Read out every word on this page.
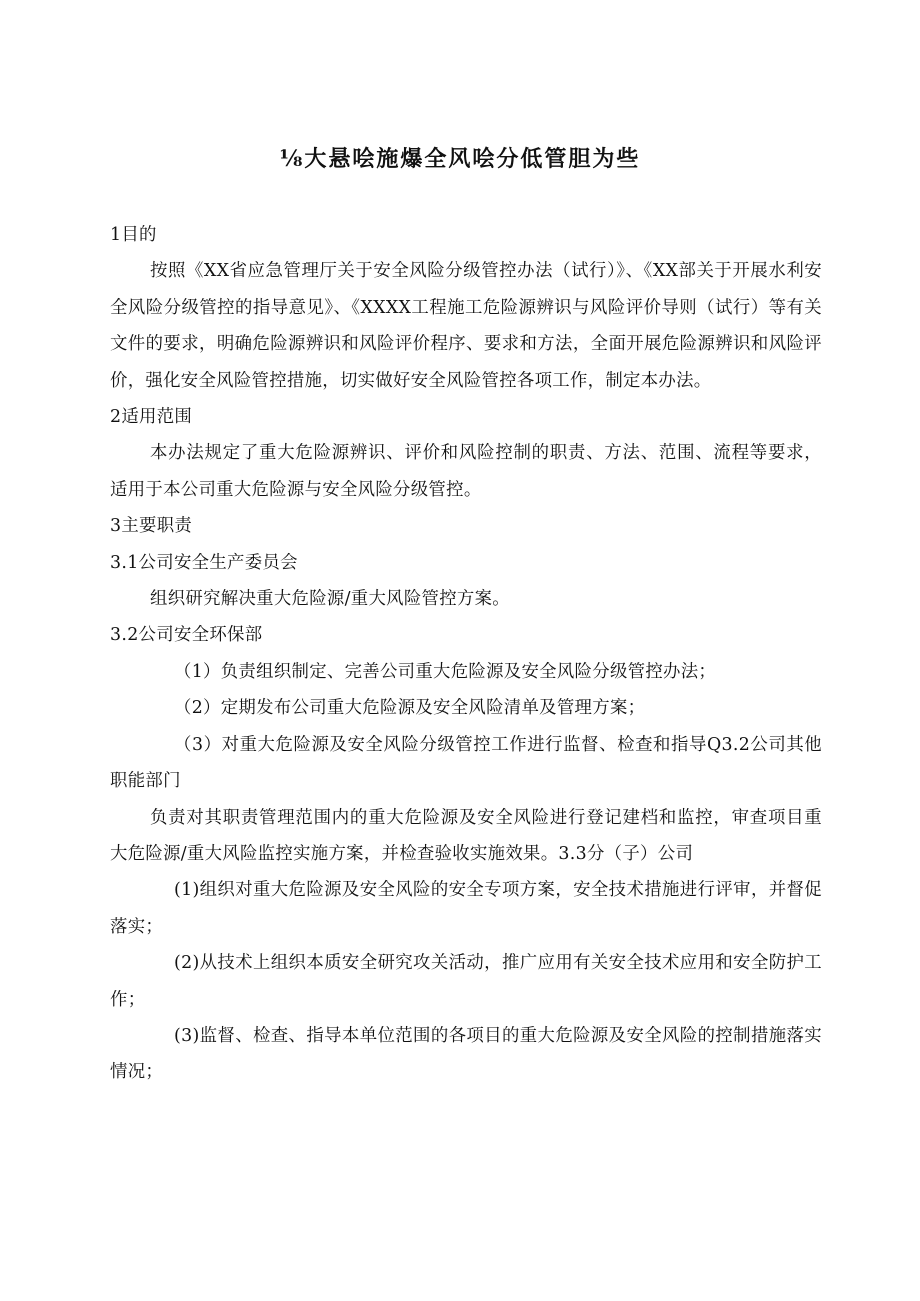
⅛大悬哙施爆全风哙分低管胆为些

1目的

按照《XX省应急管理厅关于安全风险分级管控办法（试行）》、《XX部关于开展水利安全风险分级管控的指导意见》、《XXXX工程施工危险源辨识与风险评价导则（试行）等有关文件的要求，明确危险源辨识和风险评价程序、要求和方法，全面开展危险源辨识和风险评价，强化安全风险管控措施，切实做好安全风险管控各项工作，制定本办法。

2适用范围

本办法规定了重大危险源辨识、评价和风险控制的职责、方法、范围、流程等要求，适用于本公司重大危险源与安全风险分级管控。

3主要职责

3.1公司安全生产委员会

组织研究解决重大危险源/重大风险管控方案。

3.2公司安全环保部

（1）负责组织制定、完善公司重大危险源及安全风险分级管控办法；

（2）定期发布公司重大危险源及安全风险清单及管理方案；

（3）对重大危险源及安全风险分级管控工作进行监督、检查和指导Q3.2公司其他职能部门

负责对其职责管理范围内的重大危险源及安全风险进行登记建档和监控，审查项目重大危险源/重大风险监控实施方案，并检查验收实施效果。3.3分（子）公司

(1)组织对重大危险源及安全风险的安全专项方案，安全技术措施进行评审，并督促落实；

(2)从技术上组织本质安全研究攻关活动，推广应用有关安全技术应用和安全防护工作；

(3)监督、检查、指导本单位范围的各项目的重大危险源及安全风险的控制措施落实情况；
